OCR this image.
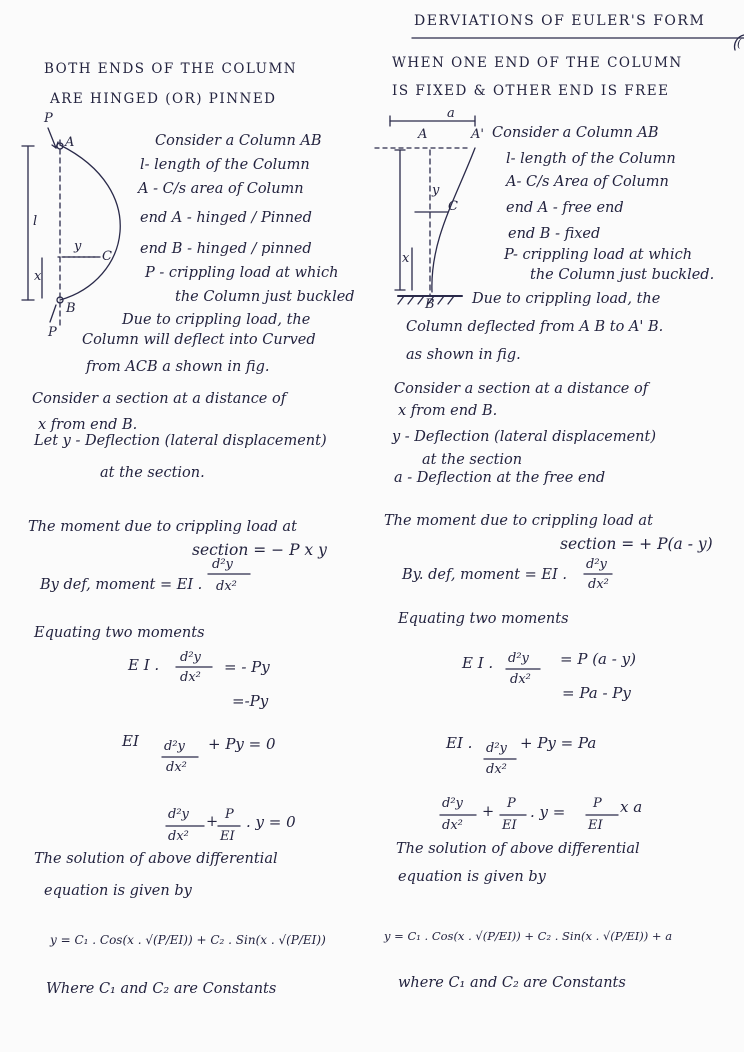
DERVIATIONS OF EULER'S FORM
(
BOTH ENDS OF THE COLUMN
ARE HINGED (OR) PINNED
P
A
l
y
C
x
B
P
Consider a Column AB
l- length of the Column
A - C/s area of Column
end A - hinged / Pinned
end B - hinged / pinned
P - crippling load at which
the Column just buckled
Due to crippling load, the
Column will deflect into Curved
from ACB a shown in fig.
Consider a section at a distance of
x from end B.
Let y - Deflection (lateral displacement)
at the section.
The moment due to crippling load at
section = − P x y
By def, moment = EI .
d²y
dx²
Equating two moments
E I . d²y
dx²
= - Py
=-Py
EI d²y
dx²
+ Py = 0
d²y
dx²
+ P
EI
. y = 0
The solution of above differential
equation is given by
y = C₁ . Cos(x . √(P/EI)) + C₂ . Sin(x . √(P/EI))
Where C₁ and C₂ are Constants
WHEN ONE END OF THE COLUMN
IS FIXED & OTHER END IS FREE
a
A	A'
y
C
x
B
Consider a Column AB
l- length of the Column
A- C/s Area of Column
end A - free end
end B - fixed
P- crippling load at which
the Column just buckled.
Due to crippling load, the
Column deflected from A B to A' B.
as shown in fig.
Consider a section at a distance of
x from end B.
y - Deflection (lateral displacement)
at the section
a - Deflection at the free end
The moment due to crippling load at
section = + P(a - y)
By. def, moment = EI .
d²y
dx²
Equating two moments
E I . d²y
dx²
= P (a - y)
= Pa - Py
EI . d²y
dx²
+ Py = Pa
d²y
dx²
+
P
EI
. y = P
EI
x a
The solution of above differential
equation is given by
y = C₁ . Cos(x . √(P/EI)) + C₂ . Sin(x . √(P/EI)) + a
where C₁ and C₂ are Constants
